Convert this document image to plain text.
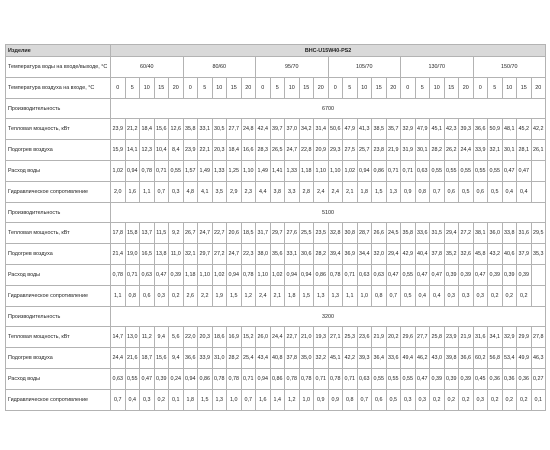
Изделие	BHC-U15W40-PS2																													
Температура воды на входе/выходе, °С	60/40					80/60					95/70					105/70					130/70					150/70				
Температура воздуха на входе, °С	0	5	10	15	20	0	5	10	15	20	0	5	10	15	20	0	5	10	15	20	0	5	10	15	20	0	5	10	15	20
Производительность	6700																													
Тепловая мощность, кВт	23,9	21,2	18,4	15,6	12,6	35,8	33,1	30,5	27,7	24,8	42,4	39,7	37,0	34,2	31,4	50,6	47,9	41,3	38,5	35,7	32,9	47,9	45,1	42,3	39,3	36,6	50,9	48,1	45,2	42,2
Подогрев воздуха	15,9	14,1	12,3	10,4	8,4	23,9	22,1	20,3	18,4	16,6	28,3	26,5	24,7	22,8	20,9	29,3	27,5	25,7	23,8	21,9	31,9	30,1	28,2	26,2	24,4	33,9	32,1	30,1	28,1	26,1
Расход воды	1,02	0,94	0,78	0,71	0,55	1,57	1,49	1,33	1,25	1,10	1,49	1,41	1,33	1,18	1,10	1,10	1,02	0,94	0,86	0,71	0,71	0,63	0,55	0,55	0,55	0,55	0,55	0,47	0,47	
Гидравлическое сопротивление	2,0	1,6	1,1	0,7	0,3	4,8	4,1	3,5	2,9	2,3	4,4	3,8	3,3	2,8	2,4	2,4	2,1	1,8	1,5	1,3	0,9	0,8	0,7	0,6	0,5	0,6	0,5	0,4	0,4	
Производительность	5100																													
Тепловая мощность, кВт	17,8	15,8	13,7	11,5	9,2	26,7	24,7	22,7	20,6	18,5	31,7	29,7	27,6	25,5	23,5	32,8	30,8	28,7	26,6	24,5	35,8	33,6	31,5	29,4	27,2	38,1	36,0	33,8	31,6	29,5
Подогрев воздуха	21,4	19,0	16,5	13,8	11,0	32,1	29,7	27,2	24,7	22,3	38,0	35,6	33,1	30,6	28,2	39,4	36,9	34,4	32,0	29,4	42,9	40,4	37,8	35,2	32,6	45,8	43,2	40,6	37,9	35,3
Расход воды	0,78	0,71	0,63	0,47	0,39	1,18	1,10	1,02	0,94	0,78	1,10	1,02	0,94	0,94	0,86	0,78	0,71	0,63	0,63	0,47	0,55	0,47	0,47	0,39	0,39	0,47	0,39	0,39	0,39	
Гидравлическое сопротивление	1,1	0,8	0,6	0,3	0,2	2,6	2,2	1,9	1,5	1,2	2,4	2,1	1,8	1,5	1,3	1,3	1,1	1,0	0,8	0,7	0,5	0,4	0,4	0,3	0,3	0,3	0,2	0,2	0,2	
Производительность	3200																													
Тепловая мощность, кВт	14,7	13,0	11,2	9,4	5,6	22,0	20,3	18,6	16,9	15,2	26,0	24,4	22,7	21,0	19,3	27,1	25,3	23,6	21,9	20,2	29,6	27,7	25,8	23,9	21,9	31,6	34,1	32,9	29,9	27,8
Подогрев воздуха	24,4	21,6	18,7	15,6	9,4	36,6	33,9	31,0	28,2	25,4	43,4	40,8	37,8	35,0	32,2	45,1	42,2	39,3	36,4	33,6	49,4	46,2	43,0	39,8	36,6	60,2	56,8	53,4	49,9	46,3
Расход воды	0,63	0,55	0,47	0,39	0,24	0,94	0,86	0,78	0,78	0,71	0,94	0,86	0,78	0,78	0,71	0,78	0,71	0,63	0,55	0,55	0,55	0,47	0,39	0,39	0,39	0,45	0,36	0,36	0,36	0,27
Гидравлическое сопротивление	0,7	0,4	0,3	0,2	0,1	1,8	1,5	1,3	1,0	0,7	1,6	1,4	1,2	1,0	0,9	0,9	0,8	0,7	0,6	0,5	0,3	0,3	0,2	0,2	0,2	0,3	0,2	0,2	0,2	0,1
